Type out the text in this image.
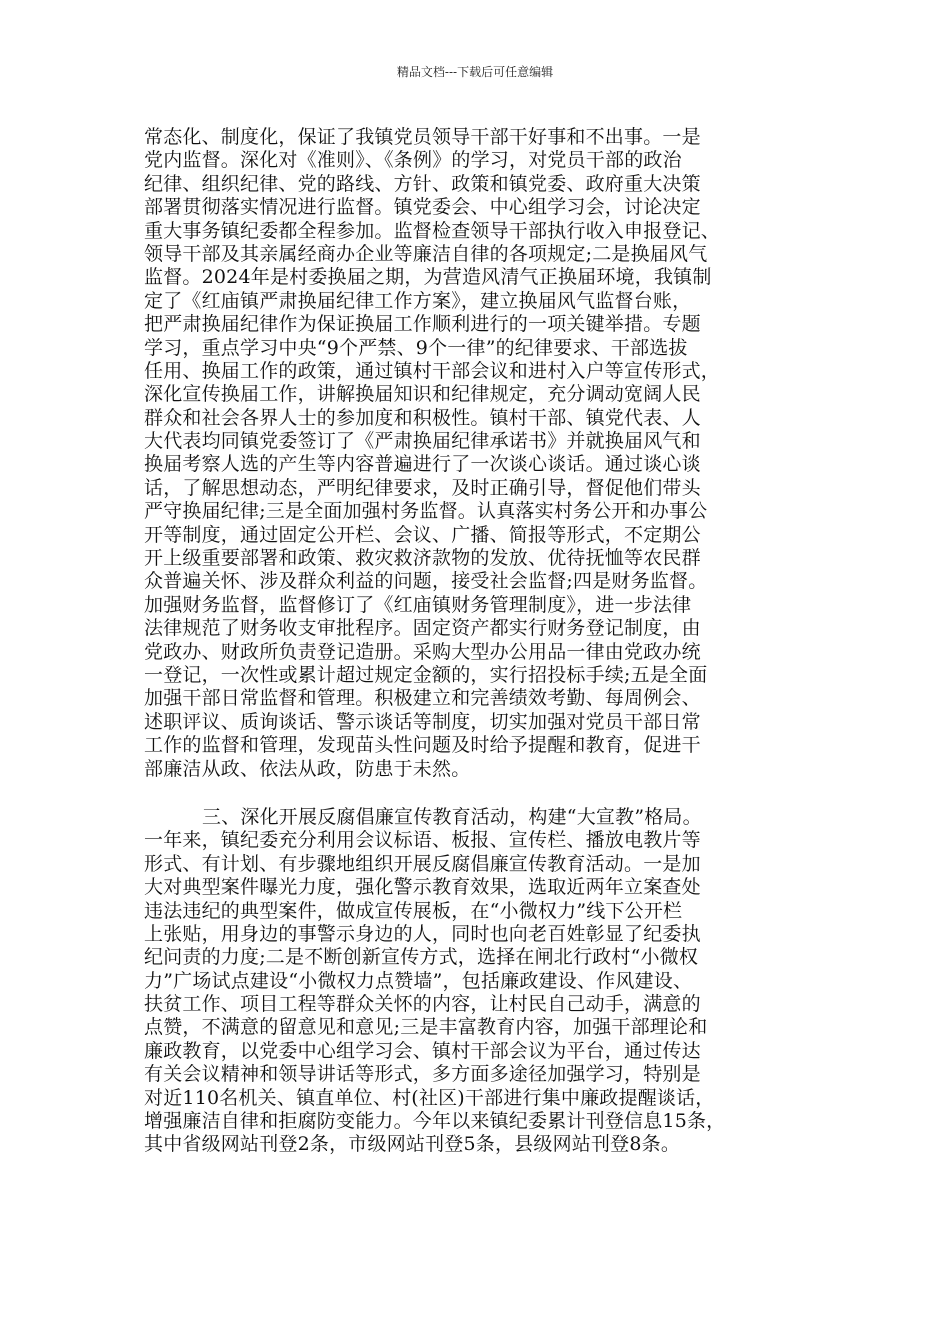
精品文档---下载后可任意编辑
常态化、制度化，保证了我镇党员领导干部干好事和不出事。一是
党内监督。深化对《准则》、《条例》的学习，对党员干部的政治
纪律、组织纪律、党的路线、方针、政策和镇党委、政府重大决策
部署贯彻落实情况进行监督。镇党委会、中心组学习会，讨论决定
重大事务镇纪委都全程参加。监督检查领导干部执行收入申报登记、
领导干部及其亲属经商办企业等廉洁自律的各项规定;二是换届风气
监督。2024年是村委换届之期，为营造风清气正换届环境，我镇制
定了《红庙镇严肃换届纪律工作方案》，建立换届风气监督台账，
把严肃换届纪律作为保证换届工作顺利进行的一项关键举措。专题
学习，重点学习中央“9个严禁、9个一律”的纪律要求、干部选拔
任用、换届工作的政策，通过镇村干部会议和进村入户等宣传形式，
深化宣传换届工作，讲解换届知识和纪律规定，充分调动宽阔人民
群众和社会各界人士的参加度和积极性。镇村干部、镇党代表、人
大代表均同镇党委签订了《严肃换届纪律承诺书》并就换届风气和
换届考察人选的产生等内容普遍进行了一次谈心谈话。通过谈心谈
话，了解思想动态，严明纪律要求，及时正确引导，督促他们带头
严守换届纪律;三是全面加强村务监督。认真落实村务公开和办事公
开等制度，通过固定公开栏、会议、广播、简报等形式，不定期公
开上级重要部署和政策、救灾救济款物的发放、优待抚恤等农民群
众普遍关怀、涉及群众利益的问题，接受社会监督;四是财务监督。
加强财务监督，监督修订了《红庙镇财务管理制度》，进一步法律
法律规范了财务收支审批程序。固定资产都实行财务登记制度，由
党政办、财政所负责登记造册。采购大型办公用品一律由党政办统
一登记，一次性或累计超过规定金额的，实行招投标手续;五是全面
加强干部日常监督和管理。积极建立和完善绩效考勤、每周例会、
述职评议、质询谈话、警示谈话等制度，切实加强对党员干部日常
工作的监督和管理，发现苗头性问题及时给予提醒和教育，促进干
部廉洁从政、依法从政，防患于未然。
三、深化开展反腐倡廉宣传教育活动，构建“大宣教”格局。
一年来，镇纪委充分利用会议标语、板报、宣传栏、播放电教片等
形式、有计划、有步骤地组织开展反腐倡廉宣传教育活动。一是加
大对典型案件曝光力度，强化警示教育效果，选取近两年立案查处
违法违纪的典型案件，做成宣传展板，在“小微权力”线下公开栏
上张贴，用身边的事警示身边的人，同时也向老百姓彰显了纪委执
纪问责的力度;二是不断创新宣传方式，选择在闸北行政村“小微权
力”广场试点建设“小微权力点赞墙”，包括廉政建设、作风建设、
扶贫工作、项目工程等群众关怀的内容，让村民自己动手，满意的
点赞，不满意的留意见和意见;三是丰富教育内容，加强干部理论和
廉政教育，以党委中心组学习会、镇村干部会议为平台，通过传达
有关会议精神和领导讲话等形式，多方面多途径加强学习，特别是
对近110名机关、镇直单位、村(社区)干部进行集中廉政提醒谈话，
增强廉洁自律和拒腐防变能力。今年以来镇纪委累计刊登信息15条，
其中省级网站刊登2条，市级网站刊登5条，县级网站刊登8条。
